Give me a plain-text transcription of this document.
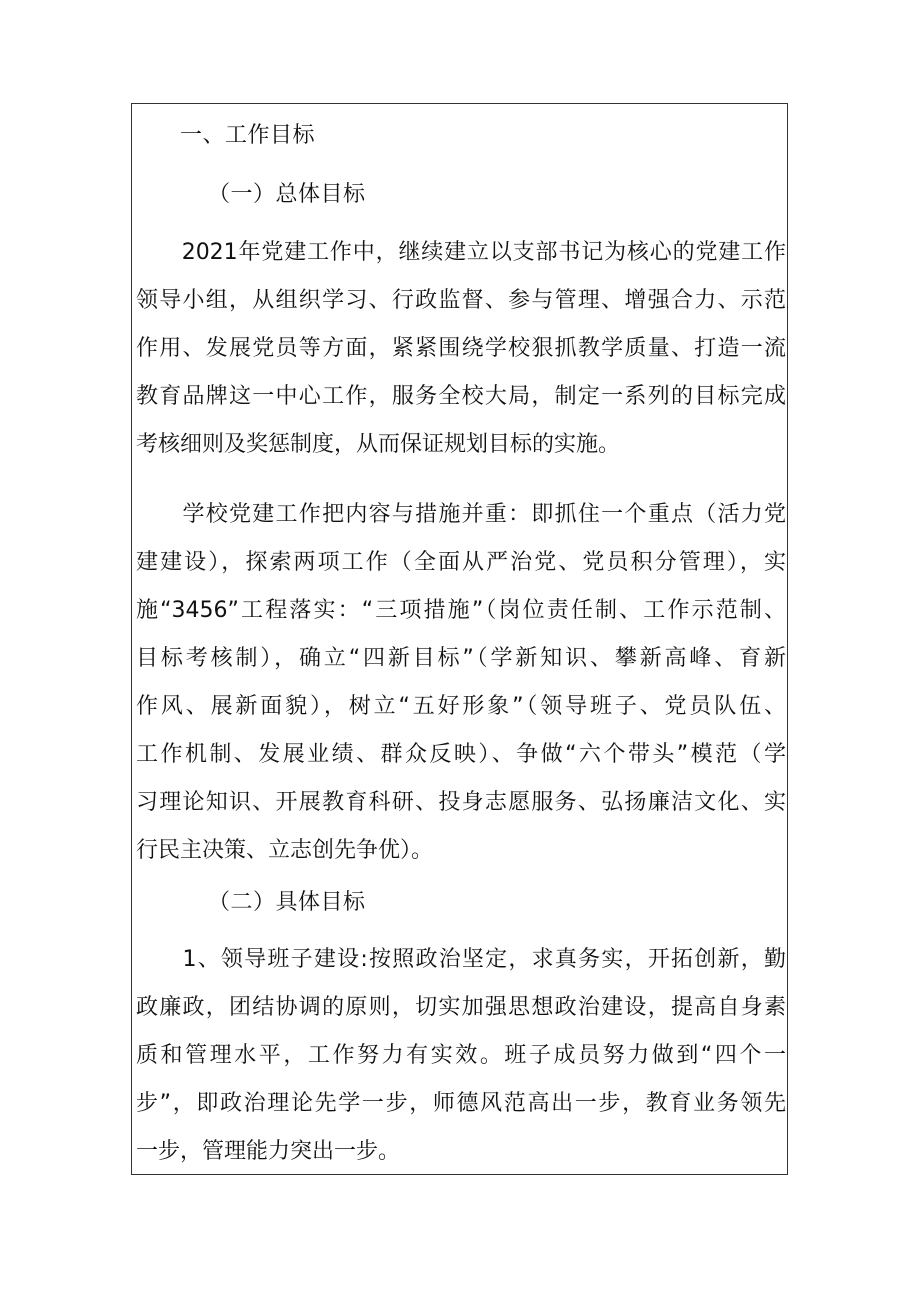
一、工作目标
（一）总体目标
　　2021年党建工作中，继续建立以支部书记为核心的党建工作
领导小组，从组织学习、行政监督、参与管理、增强合力、示范
作用、发展党员等方面，紧紧围绕学校狠抓教学质量、打造一流
教育品牌这一中心工作，服务全校大局，制定一系列的目标完成
考核细则及奖惩制度，从而保证规划目标的实施。
　　学校党建工作把内容与措施并重：即抓住一个重点（活力党
建建设），探索两项工作（全面从严治党、党员积分管理），实
施“3456”工程落实：“三项措施”（岗位责任制、工作示范制、
目标考核制），确立“四新目标”（学新知识、攀新高峰、育新
作风、展新面貌），树立“五好形象”（领导班子、党员队伍、
工作机制、发展业绩、群众反映）、争做“六个带头”模范（学
习理论知识、开展教育科研、投身志愿服务、弘扬廉洁文化、实
行民主决策、立志创先争优）。
（二）具体目标
　　1、领导班子建设:按照政治坚定，求真务实，开拓创新，勤
政廉政，团结协调的原则，切实加强思想政治建设，提高自身素
质和管理水平，工作努力有实效。班子成员努力做到“四个一
步”，即政治理论先学一步，师德风范高出一步，教育业务领先
一步，管理能力突出一步。
